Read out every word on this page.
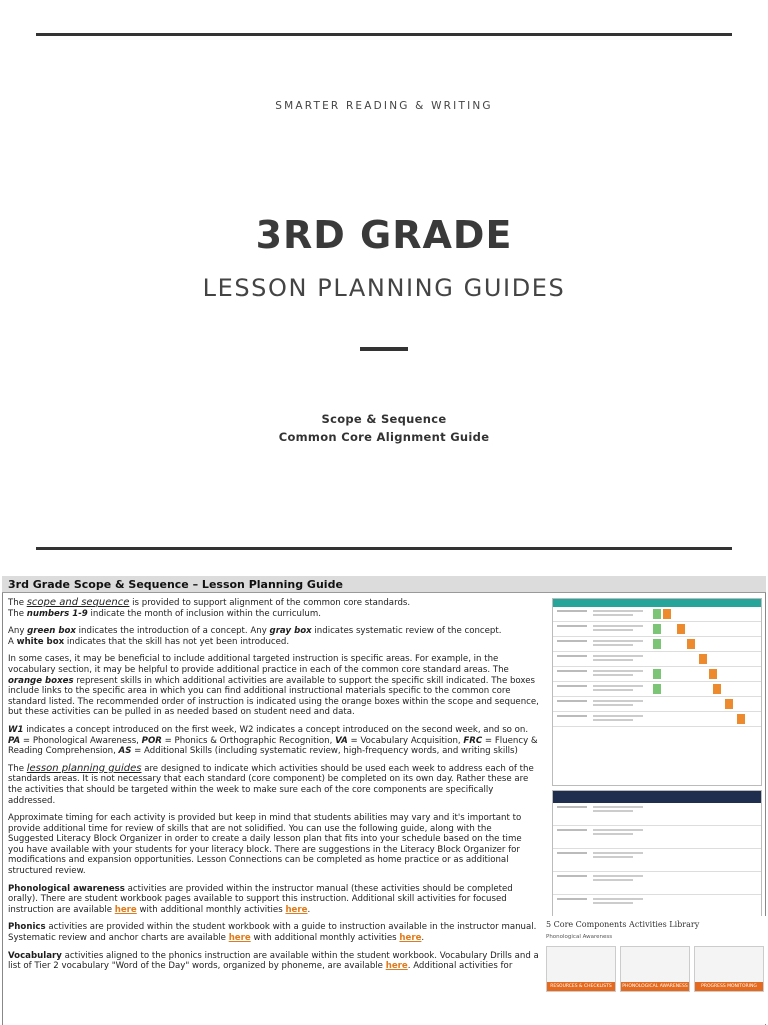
SMARTER READING & WRITING
3RD GRADE
LESSON PLANNING GUIDES
Scope & Sequence
Common Core Alignment Guide
3rd Grade Scope & Sequence – Lesson Planning Guide

The scope and sequence is provided to support alignment of the common core standards.
The numbers 1-9 indicate the month of inclusion within the curriculum.

Any green box indicates the introduction of a concept. Any gray box indicates systematic review of the concept.
A white box indicates that the skill has not yet been introduced.

In some cases, it may be beneficial to include additional targeted instruction is specific areas. For example, in the vocabulary section, it may be helpful to provide additional practice in each of the common core standard areas. The orange boxes represent skills in which additional activities are available to support the specific skill indicated. The boxes include links to the specific area in which you can find additional instructional materials specific to the common core standard listed. The recommended order of instruction is indicated using the orange boxes within the scope and sequence, but these activities can be pulled in as needed based on student need and data.

W1 indicates a concept introduced on the first week, W2 indicates a concept introduced on the second week, and so on. PA = Phonological Awareness, POR = Phonics & Orthographic Recognition, VA = Vocabulary Acquisition, FRC = Fluency & Reading Comprehension, AS = Additional Skills (including systematic review, high-frequency words, and writing skills)

The lesson planning guides are designed to indicate which activities should be used each week to address each of the standards areas. It is not necessary that each standard (core component) be completed on its own day. Rather these are the activities that should be targeted within the week to make sure each of the core components are specifically addressed.

Approximate timing for each activity is provided but keep in mind that students abilities may vary and it's important to provide additional time for review of skills that are not solidified. You can use the following guide, along with the Suggested Literacy Block Organizer in order to create a daily lesson plan that fits into your schedule based on the time you have available with your students for your literacy block. There are suggestions in the Literacy Block Organizer for modifications and expansion opportunities. Lesson Connections can be completed as home practice or as additional structured review.

Phonological awareness activities are provided within the instructor manual (these activities should be completed orally). There are student workbook pages available to support this instruction. Additional skill activities for focused instruction are available here with additional monthly activities here.

Phonics activities are provided within the student workbook with a guide to instruction available in the instructor manual. Systematic review and anchor charts are available here with additional monthly activities here.

Vocabulary activities aligned to the phonics instruction are available within the student workbook. Vocabulary Drills and a list of Tier 2 vocabulary "Word of the Day" words, organized by phoneme, are available here. Additional activities for

5 Core Components Activities Library
Phonological Awareness
RESOURCES & CHECKLISTS	PHONOLOGICAL AWARENESS MANIPULATIVES
PROGRESS MONITORING
